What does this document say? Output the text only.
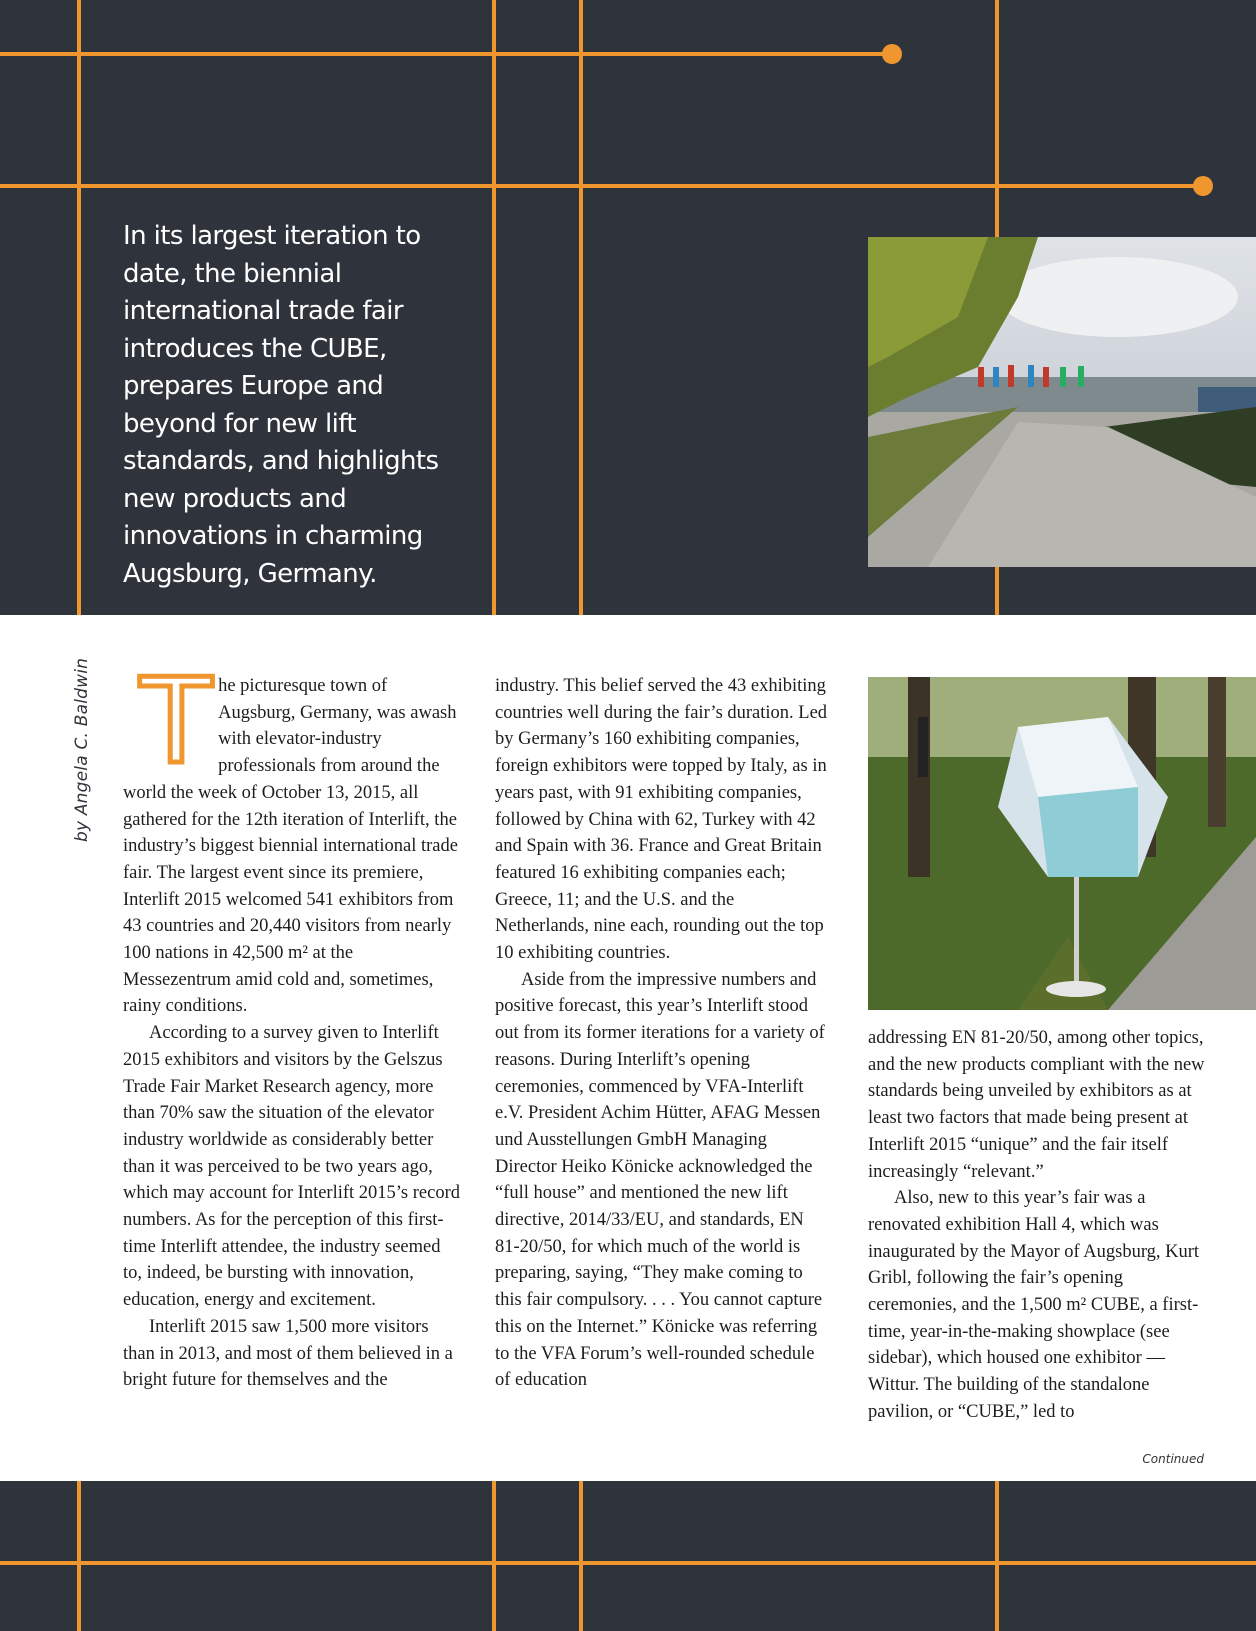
In its largest iteration to date, the biennial international trade fair introduces the CUBE, prepares Europe and beyond for new lift standards, and highlights new products and innovations in charming Augsburg, Germany.

by Angela C. Baldwin The picturesque town of Augsburg, Germany, was awash with elevator-industry professionals from around the world the week of October 13, 2015, all gathered for the 12th iteration of Interlift, the industry’s biggest biennial international trade fair. The largest event since its premiere, Interlift 2015 welcomed 541 exhibitors from 43 countries and 20,440 visitors from nearly 100 nations in 42,500 m² at the Messezentrum amid cold and, sometimes, rainy conditions.

According to a survey given to Interlift 2015 exhibitors and visitors by the Gelszus Trade Fair Market Research agency, more than 70% saw the situation of the elevator industry worldwide as considerably better than it was perceived to be two years ago, which may account for Interlift 2015’s record numbers. As for the perception of this first-time Interlift attendee, the industry seemed to, indeed, be bursting with innovation, education, energy and excitement.

Interlift 2015 saw 1,500 more visitors than in 2013, and most of them believed in a bright future for themselves and the

industry. This belief served the 43 exhibiting countries well during the fair’s duration. Led by Germany’s 160 exhibiting companies, foreign exhibitors were topped by Italy, as in years past, with 91 exhibiting companies, followed by China with 62, Turkey with 42 and Spain with 36. France and Great Britain featured 16 exhibiting companies each; Greece, 11; and the U.S. and the Netherlands, nine each, rounding out the top 10 exhibiting countries.

Aside from the impressive numbers and positive forecast, this year’s Interlift stood out from its former iterations for a variety of reasons. During Interlift’s opening ceremonies, commenced by VFA-Interlift e.V. President Achim Hütter, AFAG Messen und Ausstellungen GmbH Managing Director Heiko Könicke acknowledged the “full house” and mentioned the new lift directive, 2014/33/EU, and standards, EN 81-20/50, for which much of the world is preparing, saying, “They make coming to this fair compulsory. . . . You cannot capture this on the Internet.” Könicke was referring to the VFA Forum’s well-rounded schedule of education

addressing EN 81-20/50, among other topics, and the new products compliant with the new standards being unveiled by exhibitors as at least two factors that made being present at Interlift 2015 “unique” and the fair itself increasingly “relevant.”

Also, new to this year’s fair was a renovated exhibition Hall 4, which was inaugurated by the Mayor of Augsburg, Kurt Gribl, following the fair’s opening ceremonies, and the 1,500 m² CUBE, a first-time, year-in-the-making showplace (see sidebar), which housed one exhibitor — Wittur. The building of the standalone pavilion, or “CUBE,” led to

Continued
